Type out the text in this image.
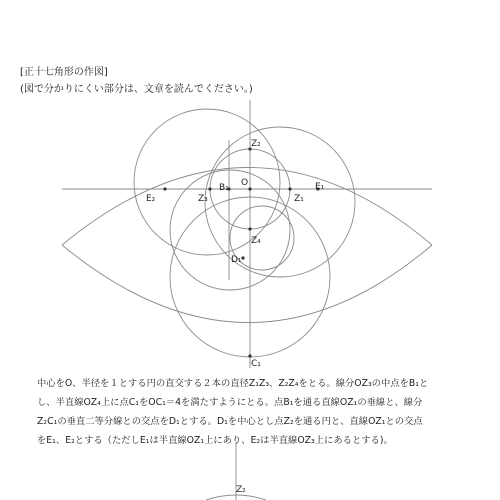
[正十七角形の作図]
(図で分かりにくい部分は、文章を読んでください。)
Z₂
O
B₁
Z₃	Z₁
E₁
E₂
Z₄
D₁
C₁
Z₂

中心をO、半径を１とする円の直交する２本の直径Z₁Z₃、Z₂Z₄をとる。線分OZ₃の中点をB₁と

し、半直線OZ₄上に点C₁をOC₁＝4を満たすようにとる。点B₁を通る直線OZ₁の垂線と、線分

Z₂C₁の垂直二等分線との交点をD₁とする。D₁を中心とし点Z₂を通る円と、直線OZ₁との交点

をE₁、E₂とする（ただしE₁は半直線OZ₁上にあり、E₂は半直線OZ₃上にあるとする)。
